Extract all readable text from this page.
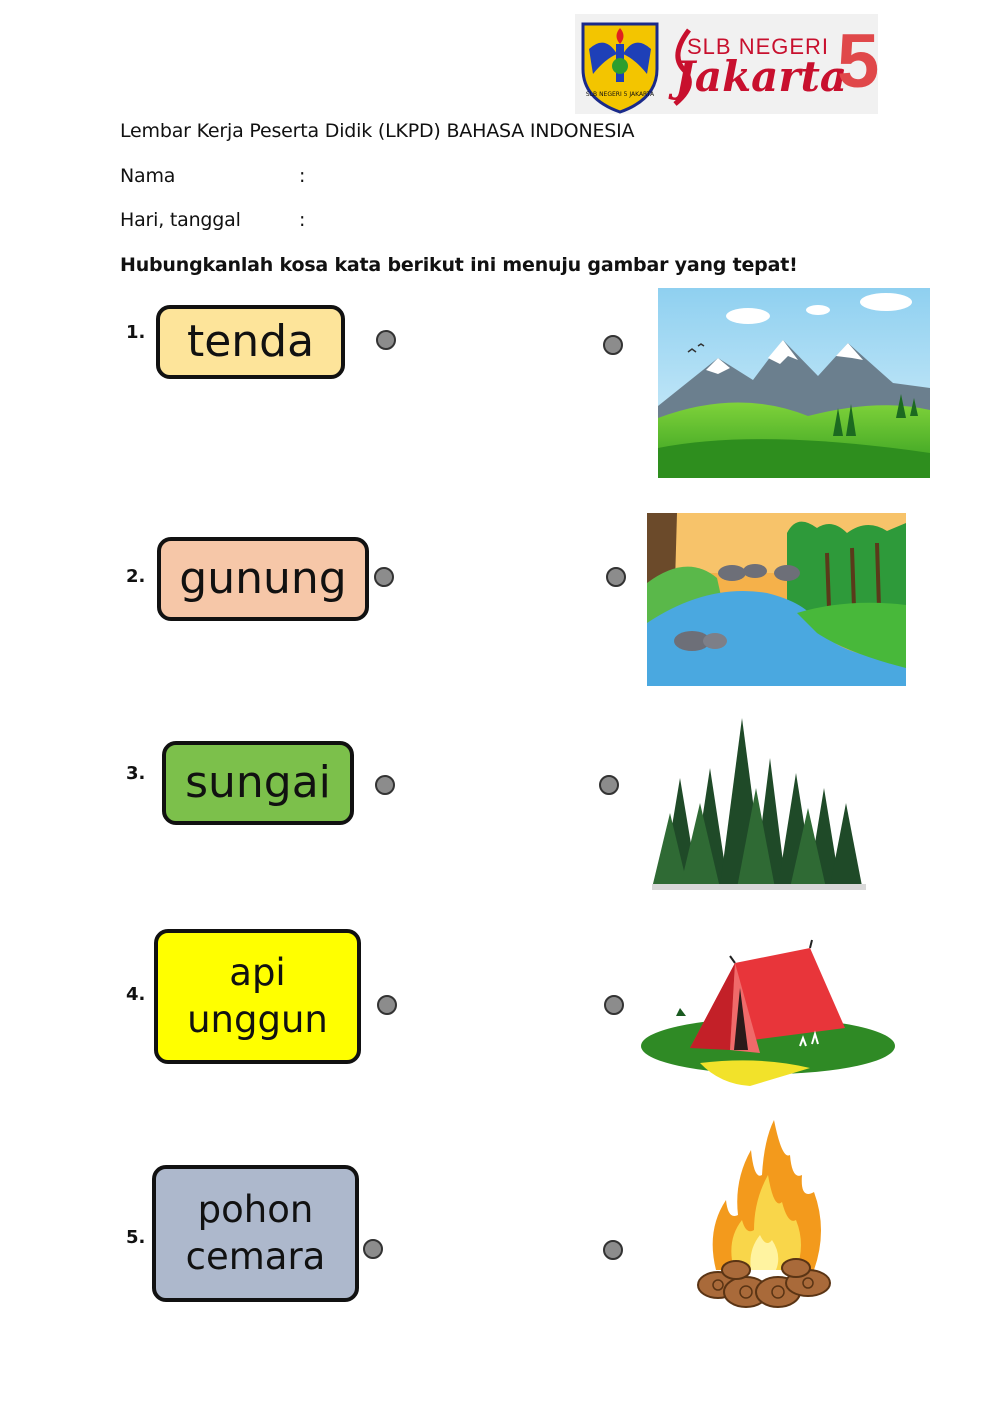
SLB NEGERI 5 JAKARTA
SLB NEGERI
Jakarta
5
Lembar Kerja Peserta Didik (LKPD) BAHASA INDONESIA
Nama	:
Hari, tanggal	:
Hubungkanlah kosa kata berikut ini menuju gambar yang tepat!
1. tenda
2. gunung
3. sungai
4.
api
unggun
5.
pohon
cemara
